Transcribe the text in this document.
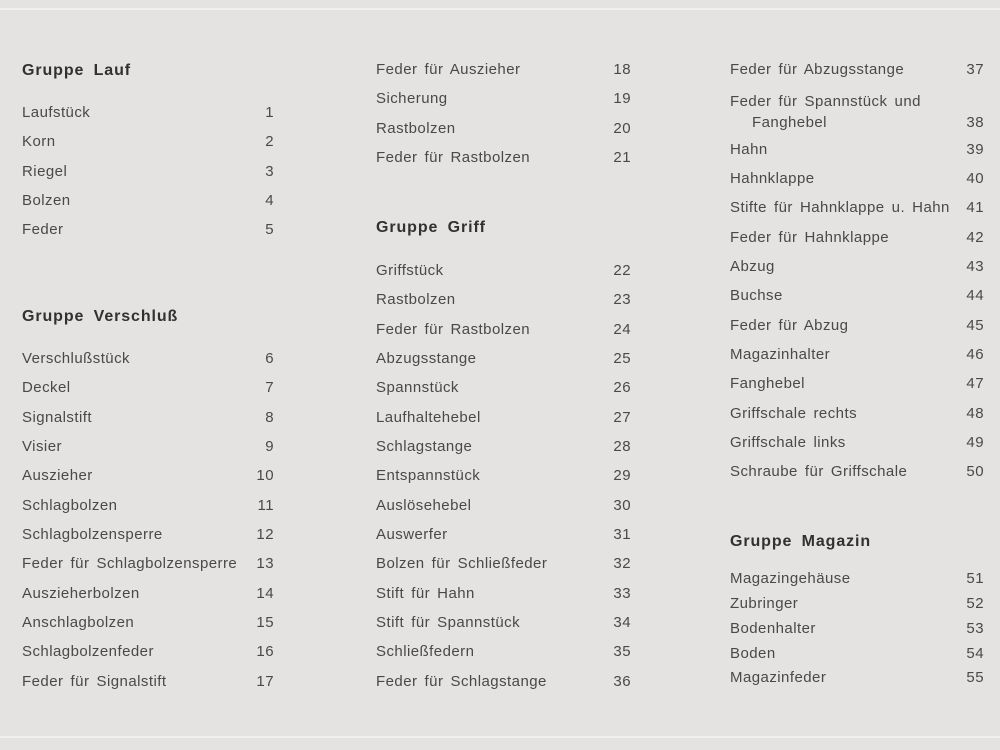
Gruppe Lauf
Laufstück	1
Korn	2
Riegel	3
Bolzen	4
Feder	5
Gruppe Verschluß
Verschlußstück	6
Deckel	7
Signalstift	8
Visier	9
Auszieher	10
Schlagbolzen	11
Schlagbolzensperre	12
Feder für Schlagbolzensperre	13
Auszieherbolzen	14
Anschlagbolzen	15
Schlagbolzenfeder	16
Feder für Signalstift	17
Feder für Auszieher	18
Sicherung	19
Rastbolzen	20
Feder für Rastbolzen	21
Gruppe Griff
Griffstück	22
Rastbolzen	23
Feder für Rastbolzen	24
Abzugsstange	25
Spannstück	26
Laufhaltehebel	27
Schlagstange	28
Entspannstück	29
Auslösehebel	30
Auswerfer	31
Bolzen für Schließfeder	32
Stift für Hahn	33
Stift für Spannstück	34
Schließfedern	35
Feder für Schlagstange	36
Feder für Abzugsstange	37
Feder für Spannstück und
Fanghebel	38
Hahn	39
Hahnklappe	40
Stifte für Hahnklappe u. Hahn	41
Feder für Hahnklappe	42
Abzug	43
Buchse	44
Feder für Abzug	45
Magazinhalter	46
Fanghebel	47
Griffschale rechts	48
Griffschale links	49
Schraube für Griffschale	50
Gruppe Magazin
Magazingehäuse	51
Zubringer	52
Bodenhalter	53
Boden	54
Magazinfeder	55
